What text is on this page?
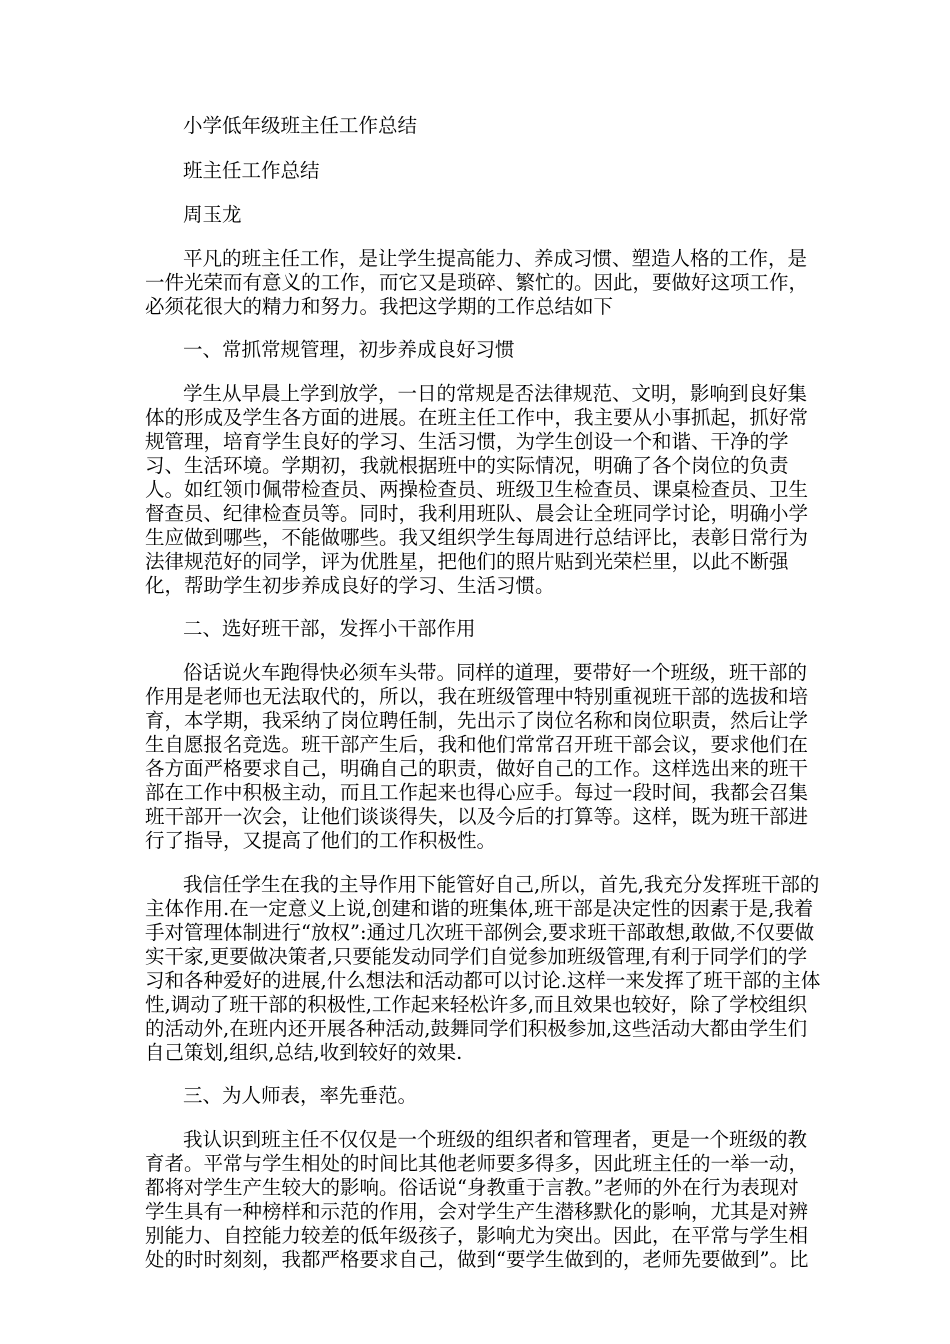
小学低年级班主任工作总结

班主任工作总结

周玉龙

平凡的班主任工作，是让学生提高能力、养成习惯、塑造人格的工作，是

一件光荣而有意义的工作，而它又是琐碎、繁忙的。因此，要做好这项工作，

必须花很大的精力和努力。我把这学期的工作总结如下

一、常抓常规管理，初步养成良好习惯

学生从早晨上学到放学，一日的常规是否法律规范、文明，影响到良好集

体的形成及学生各方面的进展。在班主任工作中，我主要从小事抓起，抓好常

规管理，培育学生良好的学习、生活习惯，为学生创设一个和谐、干净的学

习、生活环境。学期初，我就根据班中的实际情况，明确了各个岗位的负责

人。如红领巾佩带检查员、两操检查员、班级卫生检查员、课桌检查员、卫生

督查员、纪律检查员等。同时，我利用班队、晨会让全班同学讨论，明确小学

生应做到哪些，不能做哪些。我又组织学生每周进行总结评比，表彰日常行为

法律规范好的同学，评为优胜星，把他们的照片贴到光荣栏里，以此不断强

化，帮助学生初步养成良好的学习、生活习惯。

二、选好班干部，发挥小干部作用

俗话说火车跑得快必须车头带。同样的道理，要带好一个班级，班干部的

作用是老师也无法取代的，所以，我在班级管理中特别重视班干部的选拔和培

育，本学期，我采纳了岗位聘任制，先出示了岗位名称和岗位职责，然后让学

生自愿报名竞选。班干部产生后，我和他们常常召开班干部会议，要求他们在

各方面严格要求自己，明确自己的职责，做好自己的工作。这样选出来的班干

部在工作中积极主动，而且工作起来也得心应手。每过一段时间，我都会召集

班干部开一次会，让他们谈谈得失，以及今后的打算等。这样，既为班干部进

行了指导，又提高了他们的工作积极性。

我信任学生在我的主导作用下能管好自己,所以，首先,我充分发挥班干部的

主体作用.在一定意义上说,创建和谐的班集体,班干部是决定性的因素于是,我着

手对管理体制进行“放权”:通过几次班干部例会,要求班干部敢想,敢做,不仅要做

实干家,更要做决策者,只要能发动同学们自觉参加班级管理,有利于同学们的学

习和各种爱好的进展,什么想法和活动都可以讨论.这样一来发挥了班干部的主体

性,调动了班干部的积极性,工作起来轻松许多,而且效果也较好，除了学校组织

的活动外,在班内还开展各种活动,鼓舞同学们积极参加,这些活动大都由学生们

自己策划,组织,总结,收到较好的效果.

三、为人师表，率先垂范。

我认识到班主任不仅仅是一个班级的组织者和管理者，更是一个班级的教

育者。平常与学生相处的时间比其他老师要多得多，因此班主任的一举一动，

都将对学生产生较大的影响。俗话说“身教重于言教。”老师的外在行为表现对

学生具有一种榜样和示范的作用，会对学生产生潜移默化的影响，尤其是对辨

别能力、自控能力较差的低年级孩子，影响尤为突出。因此，在平常与学生相

处的时时刻刻，我都严格要求自己，做到“要学生做到的，老师先要做到”。比
